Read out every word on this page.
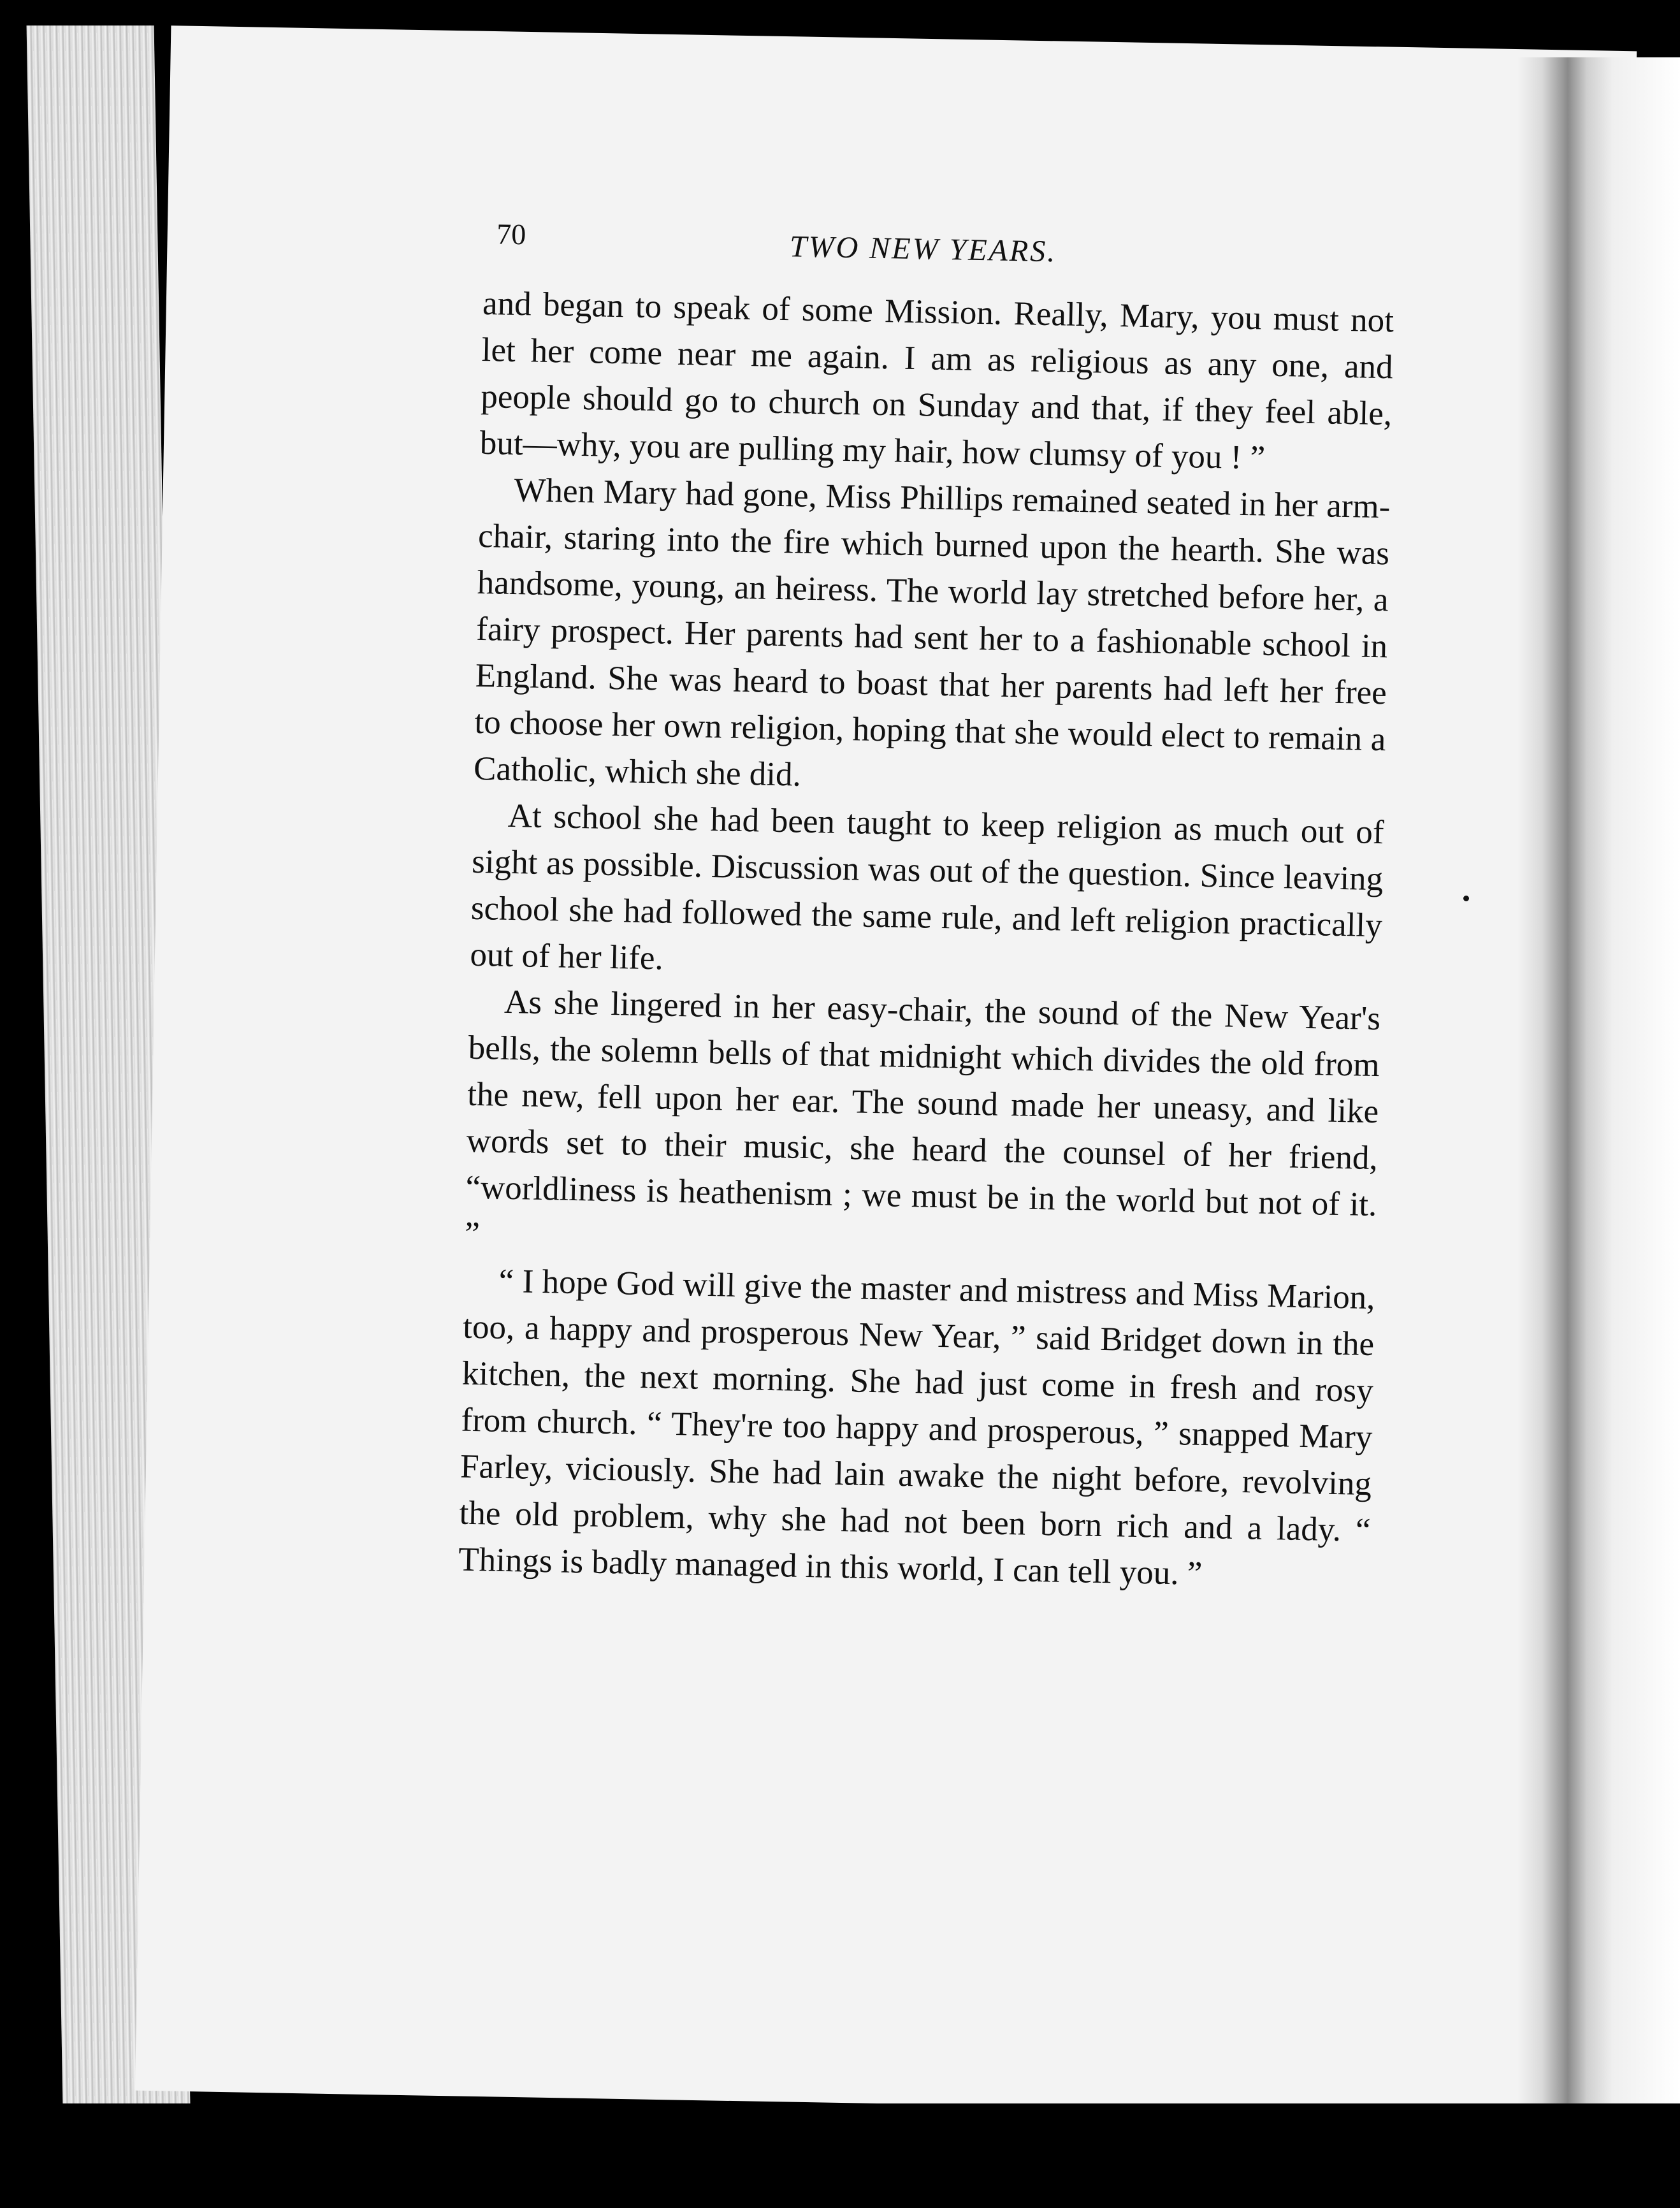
70	TWO NEW YEARS.

and began to speak of some Mission. Really, Mary, you must not let her come near me again. I am as religious as any one, and people should go to church on Sunday and that, if they feel able, but—why, you are pulling my hair, how clumsy of you ! ”

When Mary had gone, Miss Phillips remained seated in her arm-chair, staring into the fire which burned upon the hearth. She was handsome, young, an heiress. The world lay stretched before her, a fairy prospect. Her parents had sent her to a fashionable school in England. She was heard to boast that her parents had left her free to choose her own religion, hoping that she would elect to remain a Catholic, which she did.

At school she had been taught to keep religion as much out of sight as possible. Discussion was out of the question. Since leaving school she had followed the same rule, and left religion practically out of her life.

As she lingered in her easy-chair, the sound of the New Year's bells, the solemn bells of that midnight which divides the old from the new, fell upon her ear. The sound made her uneasy, and like words set to their music, she heard the counsel of her friend, “worldliness is heathenism ; we must be in the world but not of it. ”

“ I hope God will give the master and mistress and Miss Marion, too, a happy and prosperous New Year, ” said Bridget down in the kitchen, the next morning. She had just come in fresh and rosy from church. “ They're too happy and prosperous, ” snapped Mary Farley, viciously. She had lain awake the night before, revolving the old problem, why she had not been born rich and a lady. “ Things is badly managed in this world, I can tell you. ”
